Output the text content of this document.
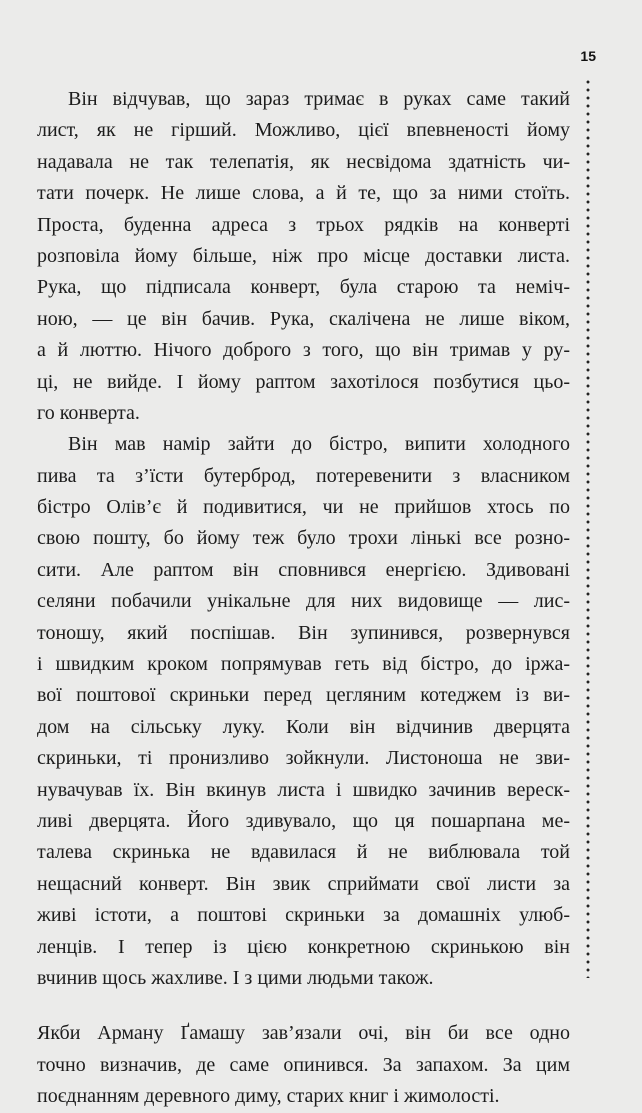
15
Він відчував, що зараз тримає в руках саме такий
лист, як не гірший. Можливо, цієї впевненості йому
надавала не так телепатія, як несвідома здатність чи-
тати почерк. Не лише слова, а й те, що за ними стоїть.
Проста, буденна адреса з трьох рядків на конверті
розповіла йому більше, ніж про місце доставки листа.
Рука, що підписала конверт, була старою та неміч-
ною, — це він бачив. Рука, скалічена не лише віком,
а й люттю. Нічого доброго з того, що він тримав у ру-
ці, не вийде. І йому раптом захотілося позбутися цьо-
го конверта.
Він мав намір зайти до бістро, випити холодного
пива та з’їсти бутерброд, потеревенити з власником
бістро Олів’є й подивитися, чи не прийшов хтось по
свою пошту, бо йому теж було трохи лінькі все розно-
сити. Але раптом він сповнився енергією. Здивовані
селяни побачили унікальне для них видовище — лис-
тоношу, який поспішав. Він зупинився, розвернувся
і швидким кроком попрямував геть від бістро, до іржа-
вої поштової скриньки перед цегляним котеджем із ви-
дом на сільську луку. Коли він відчинив дверцята
скриньки, ті пронизливо зойкнули. Листоноша не зви-
нувачував їх. Він вкинув листа і швидко зачинив вереск-
ливі дверцята. Його здивувало, що ця пошарпана ме-
талева скринька не вдавилася й не виблювала той
нещасний конверт. Він звик сприймати свої листи за
живі істоти, а поштові скриньки за домашніх улюб-
ленців. І тепер із цією конкретною скринькою він
вчинив щось жахливе. І з цими людьми також.
Якби Арману Ґамашу зав’язали очі, він би все одно
точно визначив, де саме опинився. За запахом. За цим
поєднанням деревного диму, старих книг і жимолості.
